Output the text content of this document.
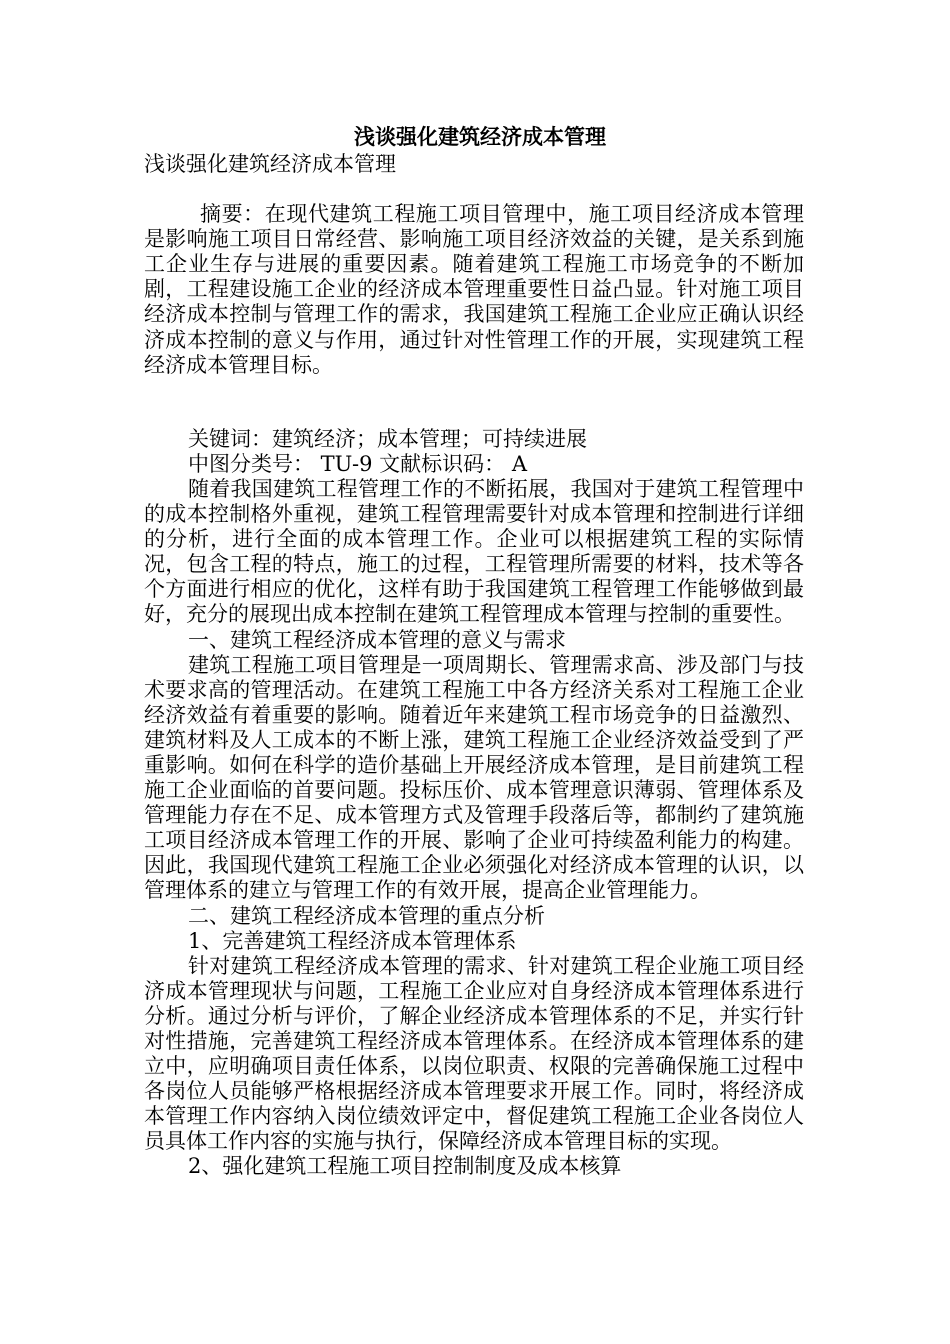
浅谈强化建筑经济成本管理

浅谈强化建筑经济成本管理

摘要：在现代建筑工程施工项目管理中，施工项目经济成本管理是影响施工项目日常经营、影响施工项目经济效益的关键，是关系到施工企业生存与进展的重要因素。随着建筑工程施工市场竞争的不断加剧，工程建设施工企业的经济成本管理重要性日益凸显。针对施工项目经济成本控制与管理工作的需求，我国建筑工程施工企业应正确认识经济成本控制的意义与作用，通过针对性管理工作的开展，实现建筑工程经济成本管理目标。

关键词：建筑经济；成本管理；可持续进展

中图分类号： TU-9 文献标识码： A

随着我国建筑工程管理工作的不断拓展，我国对于建筑工程管理中的成本控制格外重视，建筑工程管理需要针对成本管理和控制进行详细的分析，进行全面的成本管理工作。企业可以根据建筑工程的实际情况，包含工程的特点，施工的过程，工程管理所需要的材料，技术等各个方面进行相应的优化，这样有助于我国建筑工程管理工作能够做到最好，充分的展现出成本控制在建筑工程管理成本管理与控制的重要性。

一、建筑工程经济成本管理的意义与需求

建筑工程施工项目管理是一项周期长、管理需求高、涉及部门与技术要求高的管理活动。在建筑工程施工中各方经济关系对工程施工企业经济效益有着重要的影响。随着近年来建筑工程市场竞争的日益激烈、建筑材料及人工成本的不断上涨，建筑工程施工企业经济效益受到了严重影响。如何在科学的造价基础上开展经济成本管理，是目前建筑工程施工企业面临的首要问题。投标压价、成本管理意识薄弱、管理体系及管理能力存在不足、成本管理方式及管理手段落后等，都制约了建筑施工项目经济成本管理工作的开展、影响了企业可持续盈利能力的构建。因此，我国现代建筑工程施工企业必须强化对经济成本管理的认识，以管理体系的建立与管理工作的有效开展，提高企业管理能力。

二、建筑工程经济成本管理的重点分析

1、完善建筑工程经济成本管理体系

针对建筑工程经济成本管理的需求、针对建筑工程企业施工项目经济成本管理现状与问题，工程施工企业应对自身经济成本管理体系进行分析。通过分析与评价，了解企业经济成本管理体系的不足，并实行针对性措施，完善建筑工程经济成本管理体系。在经济成本管理体系的建立中，应明确项目责任体系，以岗位职责、权限的完善确保施工过程中各岗位人员能够严格根据经济成本管理要求开展工作。同时，将经济成本管理工作内容纳入岗位绩效评定中，督促建筑工程施工企业各岗位人员具体工作内容的实施与执行，保障经济成本管理目标的实现。

2、强化建筑工程施工项目控制制度及成本核算
